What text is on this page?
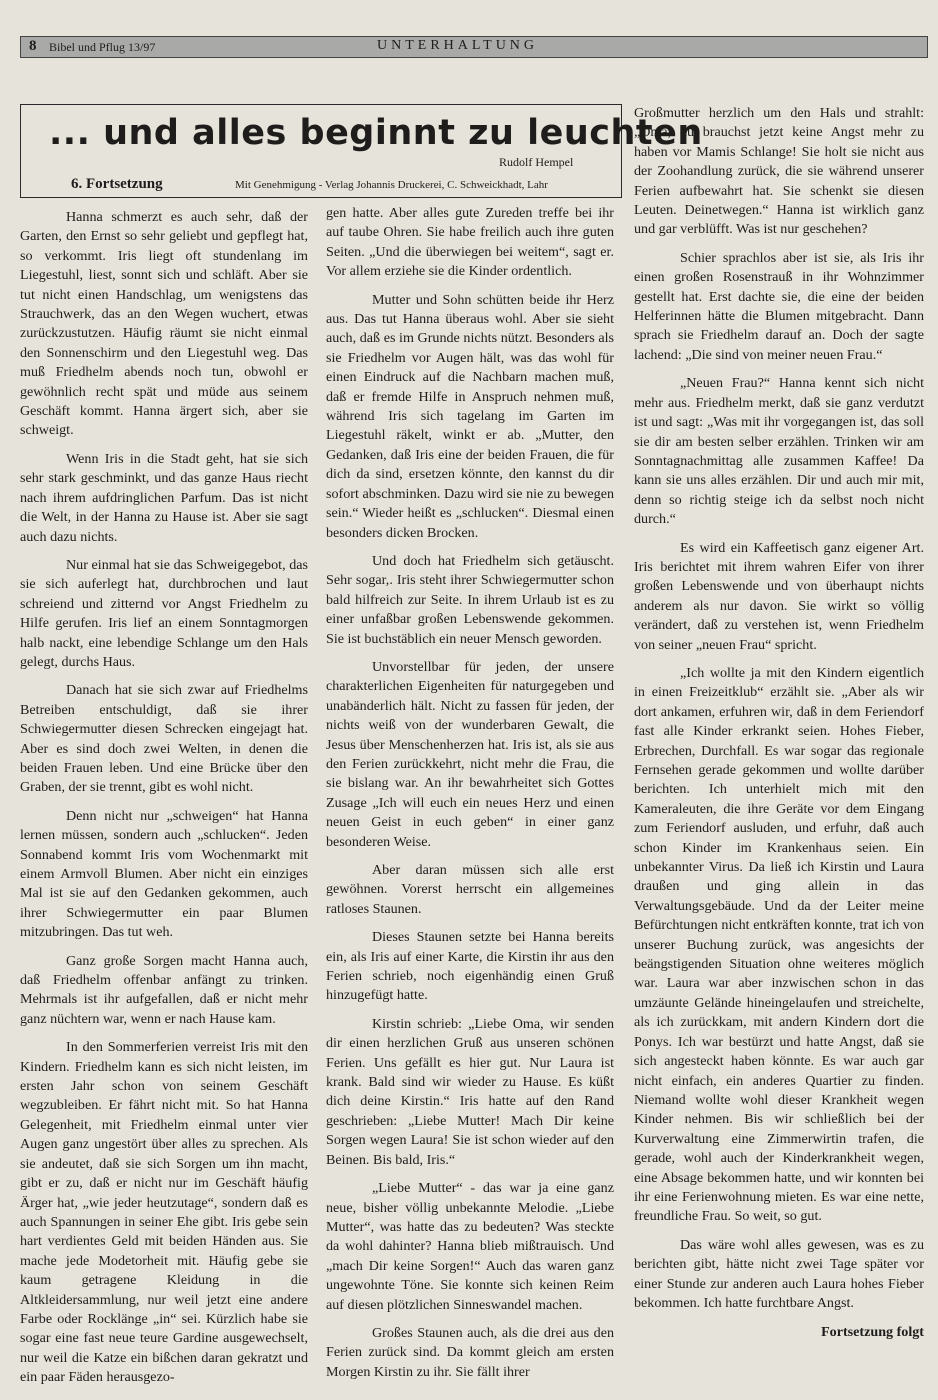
8 Bibel und Pflug 13/97	UNTERHALTUNG
... und alles beginnt zu leuchten
Rudolf Hempel
6. Fortsetzung	Mit Genehmigung - Verlag Johannis Druckerei, C. Schweickhadt, Lahr

Hanna schmerzt es auch sehr, daß der Garten, den Ernst so sehr geliebt und gepflegt hat, so verkommt. Iris liegt oft stundenlang im Liegestuhl, liest, sonnt sich und schläft. Aber sie tut nicht einen Handschlag, um wenigstens das Strauchwerk, das an den Wegen wuchert, etwas zurückzustutzen. Häufig räumt sie nicht einmal den Sonnenschirm und den Liegestuhl weg. Das muß Friedhelm abends noch tun, obwohl er gewöhnlich recht spät und müde aus seinem Geschäft kommt. Hanna ärgert sich, aber sie schweigt.

Wenn Iris in die Stadt geht, hat sie sich sehr stark geschminkt, und das ganze Haus riecht nach ihrem aufdringlichen Parfum. Das ist nicht die Welt, in der Hanna zu Hause ist. Aber sie sagt auch dazu nichts.

Nur einmal hat sie das Schweigegebot, das sie sich auferlegt hat, durchbrochen und laut schreiend und zitternd vor Angst Friedhelm zu Hilfe gerufen. Iris lief an einem Sonntagmorgen halb nackt, eine lebendige Schlange um den Hals gelegt, durchs Haus.

Danach hat sie sich zwar auf Friedhelms Betreiben entschuldigt, daß sie ihrer Schwiegermutter diesen Schrecken eingejagt hat. Aber es sind doch zwei Welten, in denen die beiden Frauen leben. Und eine Brücke über den Graben, der sie trennt, gibt es wohl nicht.

Denn nicht nur „schweigen“ hat Hanna lernen müssen, sondern auch „schlucken“. Jeden Sonnabend kommt Iris vom Wochenmarkt mit einem Armvoll Blumen. Aber nicht ein einziges Mal ist sie auf den Gedanken gekommen, auch ihrer Schwiegermutter ein paar Blumen mitzubringen. Das tut weh.

Ganz große Sorgen macht Hanna auch, daß Friedhelm offenbar anfängt zu trinken. Mehrmals ist ihr aufgefallen, daß er nicht mehr ganz nüchtern war, wenn er nach Hause kam.

In den Sommerferien verreist Iris mit den Kindern. Friedhelm kann es sich nicht leisten, im ersten Jahr schon von seinem Geschäft wegzubleiben. Er fährt nicht mit. So hat Hanna Gelegenheit, mit Friedhelm einmal unter vier Augen ganz ungestört über alles zu sprechen. Als sie andeutet, daß sie sich Sorgen um ihn macht, gibt er zu, daß er nicht nur im Geschäft häufig Ärger hat, „wie jeder heutzutage“, sondern daß es auch Spannungen in seiner Ehe gibt. Iris gebe sein hart verdientes Geld mit beiden Händen aus. Sie mache jede Modetorheit mit. Häufig gebe sie kaum getragene Kleidung in die Altkleidersammlung, nur weil jetzt eine andere Farbe oder Rocklänge „in“ sei. Kürzlich habe sie sogar eine fast neue teure Gardine ausgewechselt, nur weil die Katze ein bißchen daran gekratzt und ein paar Fäden herausgezo-

gen hatte. Aber alles gute Zureden treffe bei ihr auf taube Ohren. Sie habe freilich auch ihre guten Seiten. „Und die überwiegen bei weitem“, sagt er. Vor allem erziehe sie die Kinder ordentlich.

Mutter und Sohn schütten beide ihr Herz aus. Das tut Hanna überaus wohl. Aber sie sieht auch, daß es im Grunde nichts nützt. Besonders als sie Friedhelm vor Augen hält, was das wohl für einen Eindruck auf die Nachbarn machen muß, daß er fremde Hilfe in Anspruch nehmen muß, während Iris sich tagelang im Garten im Liegestuhl räkelt, winkt er ab. „Mutter, den Gedanken, daß Iris eine der beiden Frauen, die für dich da sind, ersetzen könnte, den kannst du dir sofort abschminken. Dazu wird sie nie zu bewegen sein.“ Wieder heißt es „schlucken“. Diesmal einen besonders dicken Brocken.

Und doch hat Friedhelm sich getäuscht. Sehr sogar,. Iris steht ihrer Schwiegermutter schon bald hilfreich zur Seite. In ihrem Urlaub ist es zu einer unfaßbar großen Lebenswende gekommen. Sie ist buchstäblich ein neuer Mensch geworden.

Unvorstellbar für jeden, der unsere charakterlichen Eigenheiten für naturgegeben und unabänderlich hält. Nicht zu fassen für jeden, der nichts weiß von der wunderbaren Gewalt, die Jesus über Menschenherzen hat. Iris ist, als sie aus den Ferien zurückkehrt, nicht mehr die Frau, die sie bislang war. An ihr bewahrheitet sich Gottes Zusage „Ich will euch ein neues Herz und einen neuen Geist in euch geben“ in einer ganz besonderen Weise.

Aber daran müssen sich alle erst gewöhnen. Vorerst herrscht ein allgemeines ratloses Staunen.

Dieses Staunen setzte bei Hanna bereits ein, als Iris auf einer Karte, die Kirstin ihr aus den Ferien schrieb, noch eigenhändig einen Gruß hinzugefügt hatte.

Kirstin schrieb: „Liebe Oma, wir senden dir einen herzlichen Gruß aus unseren schönen Ferien. Uns gefällt es hier gut. Nur Laura ist krank. Bald sind wir wieder zu Hause. Es küßt dich deine Kirstin.“ Iris hatte auf den Rand geschrieben: „Liebe Mutter! Mach Dir keine Sorgen wegen Laura! Sie ist schon wieder auf den Beinen. Bis bald, Iris.“

„Liebe Mutter“ - das war ja eine ganz neue, bisher völlig unbekannte Melodie. „Liebe Mutter“, was hatte das zu bedeuten? Was steckte da wohl dahinter? Hanna blieb mißtrauisch. Und „mach Dir keine Sorgen!“ Auch das waren ganz ungewohnte Töne. Sie konnte sich keinen Reim auf diesen plötzlichen Sinneswandel machen.

Großes Staunen auch, als die drei aus den Ferien zurück sind. Da kommt gleich am ersten Morgen Kirstin zu ihr. Sie fällt ihrer

Großmutter herzlich um den Hals und strahlt: „Oma, du brauchst jetzt keine Angst mehr zu haben vor Mamis Schlange! Sie holt sie nicht aus der Zoohandlung zurück, die sie während unserer Ferien aufbewahrt hat. Sie schenkt sie diesen Leuten. Deinetwegen.“ Hanna ist wirklich ganz und gar verblüfft. Was ist nur geschehen?

Schier sprachlos aber ist sie, als Iris ihr einen großen Rosenstrauß in ihr Wohnzimmer gestellt hat. Erst dachte sie, die eine der beiden Helferinnen hätte die Blumen mitgebracht. Dann sprach sie Friedhelm darauf an. Doch der sagte lachend: „Die sind von meiner neuen Frau.“

„Neuen Frau?“ Hanna kennt sich nicht mehr aus. Friedhelm merkt, daß sie ganz verdutzt ist und sagt: „Was mit ihr vorgegangen ist, das soll sie dir am besten selber erzählen. Trinken wir am Sonntagnachmittag alle zusammen Kaffee! Da kann sie uns alles erzählen. Dir und auch mir mit, denn so richtig steige ich da selbst noch nicht durch.“

Es wird ein Kaffeetisch ganz eigener Art. Iris berichtet mit ihrem wahren Eifer von ihrer großen Lebenswende und von überhaupt nichts anderem als nur davon. Sie wirkt so völlig verändert, daß zu verstehen ist, wenn Friedhelm von seiner „neuen Frau“ spricht.

„Ich wollte ja mit den Kindern eigentlich in einen Freizeitklub“ erzählt sie. „Aber als wir dort ankamen, erfuhren wir, daß in dem Feriendorf fast alle Kinder erkrankt seien. Hohes Fieber, Erbrechen, Durchfall. Es war sogar das regionale Fernsehen gerade gekommen und wollte darüber berichten. Ich unterhielt mich mit den Kameraleuten, die ihre Geräte vor dem Eingang zum Feriendorf ausluden, und erfuhr, daß auch schon Kinder im Krankenhaus seien. Ein unbekannter Virus. Da ließ ich Kirstin und Laura draußen und ging allein in das Verwaltungsgebäude. Und da der Leiter meine Befürchtungen nicht entkräften konnte, trat ich von unserer Buchung zurück, was angesichts der beängstigenden Situation ohne weiteres möglich war. Laura war aber inzwischen schon in das umzäunte Gelände hineingelaufen und streichelte, als ich zurückkam, mit andern Kindern dort die Ponys. Ich war bestürzt und hatte Angst, daß sie sich angesteckt haben könnte. Es war auch gar nicht einfach, ein anderes Quartier zu finden. Niemand wollte wohl dieser Krankheit wegen Kinder nehmen. Bis wir schließlich bei der Kurverwaltung eine Zimmerwirtin trafen, die gerade, wohl auch der Kinderkrankheit wegen, eine Absage bekommen hatte, und wir konnten bei ihr eine Ferienwohnung mieten. Es war eine nette, freundliche Frau. So weit, so gut.

Das wäre wohl alles gewesen, was es zu berichten gibt, hätte nicht zwei Tage später vor einer Stunde zur anderen auch Laura hohes Fieber bekommen. Ich hatte furchtbare Angst.

Fortsetzung folgt
